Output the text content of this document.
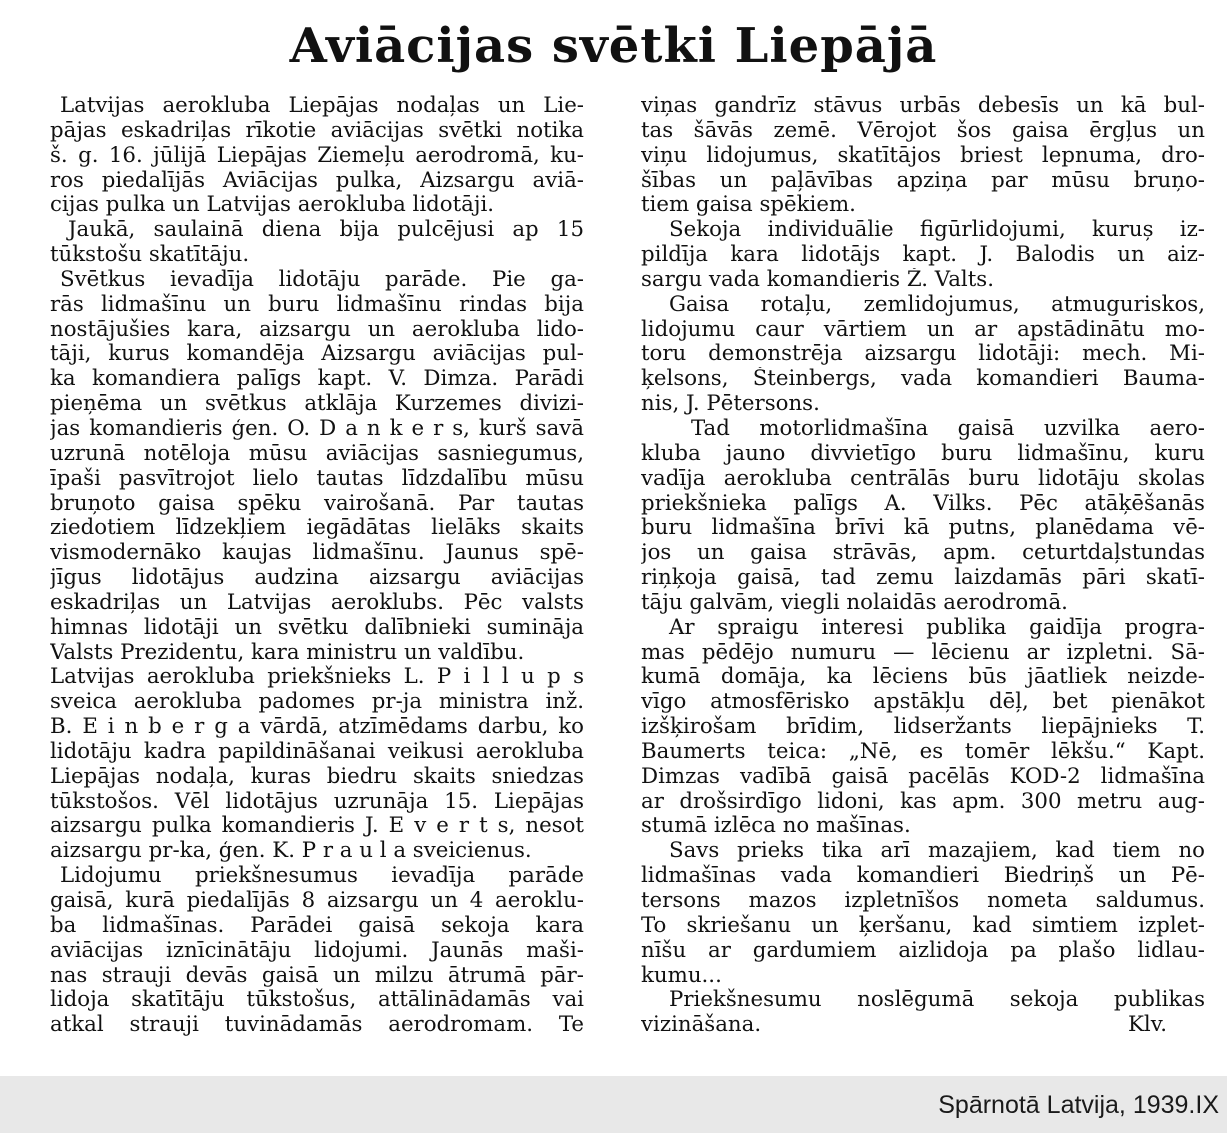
Aviācijas svētki Liepājā
Latvijas aerokluba Liepājas nodaļas un Lie-
pājas eskadriļas rīkotie aviācijas svētki notika
š. g. 16. jūlijā Liepājas Ziemeļu aerodromā, ku-
ros piedalījās Aviācijas pulka, Aizsargu aviā-
cijas pulka un Latvijas aerokluba lidotāji.
Jaukā, saulainā diena bija pulcējusi ap 15
tūkstošu skatītāju.
Svētkus ievadīja lidotāju parāde. Pie ga-
rās lidmašīnu un buru lidmašīnu rindas bija
nostājušies kara, aizsargu un aerokluba lido-
tāji, kurus komandēja Aizsargu aviācijas pul-
ka komandiera palīgs kapt. V. Dimza. Parādi
pieņēma un svētkus atklāja Kurzemes divizi-
jas komandieris ģen. O. D a n k e r s, kurš savā
uzrunā notēloja mūsu aviācijas sasniegumus,
īpaši pasvītrojot lielo tautas līdzdalību mūsu
bruņoto gaisa spēku vairošanā. Par tautas
ziedotiem līdzekļiem iegādātas lielāks skaits
vismodernāko kaujas lidmašīnu. Jaunus spē-
jīgus lidotājus audzina aizsargu aviācijas
eskadriļas un Latvijas aeroklubs. Pēc valsts
himnas lidotāji un svētku dalībnieki sumināja
Valsts Prezidentu, kara ministru un valdību.
Latvijas aerokluba priekšnieks L. P i l l u p s
sveica aerokluba padomes pr-ja ministra inž.
B. E i n b e r g a vārdā, atzīmēdams darbu, ko
lidotāju kadra papildināšanai veikusi aerokluba
Liepājas nodaļa, kuras biedru skaits sniedzas
tūkstošos. Vēl lidotājus uzrunāja 15. Liepājas
aizsargu pulka komandieris J. E v e r t s, nesot
aizsargu pr-ka, ģen. K. P r a u l a sveicienus.
Lidojumu priekšnesumus ievadīja parāde
gaisā, kurā piedalījās 8 aizsargu un 4 aeroklu-
ba lidmašīnas. Parādei gaisā sekoja kara
aviācijas iznīcinātāju lidojumi. Jaunās maši-
nas strauji devās gaisā un milzu ātrumā pār-
lidoja skatītāju tūkstošus, attālinādamās vai
atkal strauji tuvinādamās aerodromam. Te
viņas gandrīz stāvus urbās debesīs un kā bul-
tas šāvās zemē. Vērojot šos gaisa ērgļus un
viņu lidojumus, skatītājos briest lepnuma, dro-
šības un paļāvības apziņa par mūsu bruņo-
tiem gaisa spēkiem.
Sekoja individuālie figūrlidojumi, kuruș iz-
pildīja kara lidotājs kapt. J. Balodis un aiz-
sargu vada komandieris Ž. Valts.
Gaisa rotaļu, zemlidojumus, atmuguriskos,
lidojumu caur vārtiem un ar apstādinātu mo-
toru demonstrēja aizsargu lidotāji: mech. Mi-
ķelsons, Šteinbergs, vada komandieri Bauma-
nis, J. Pētersons.
Tad motorlidmašīna gaisā uzvilka aero-
kluba jauno divvietīgo buru lidmašīnu, kuru
vadīja aerokluba centrālās buru lidotāju skolas
priekšnieka palīgs A. Vilks. Pēc atāķēšanās
buru lidmašīna brīvi kā putns, planēdama vē-
jos un gaisa strāvās, apm. ceturtdaļstundas
riņķoja gaisā, tad zemu laizdamās pāri skatī-
tāju galvām, viegli nolaidās aerodromā.
Ar spraigu interesi publika gaidīja progra-
mas pēdējo numuru — lēcienu ar izpletni. Sā-
kumā domāja, ka lēciens būs jāatliek neizde-
vīgo atmosfērisko apstākļu dēļ, bet pienākot
izšķirošam brīdim, lidseržants liepājnieks T.
Baumerts teica: „Nē, es tomēr lēkšu.“ Kapt.
Dimzas vadībā gaisā pacēlās KOD-2 lidmašīna
ar drošsirdīgo lidoni, kas apm. 300 metru aug-
stumā izlēca no mašīnas.
Savs prieks tika arī mazajiem, kad tiem no
lidmašīnas vada komandieri Biedriņš un Pē-
tersons mazos izpletnīšos nometa saldumus.
To skriešanu un ķeršanu, kad simtiem izplet-
nīšu ar gardumiem aizlidoja pa plašo lidlau-
kumu...
Priekšnesumu noslēgumā sekoja publikas
vizināšana.	Klv.
Spārnotā Latvija, 1939.IX
